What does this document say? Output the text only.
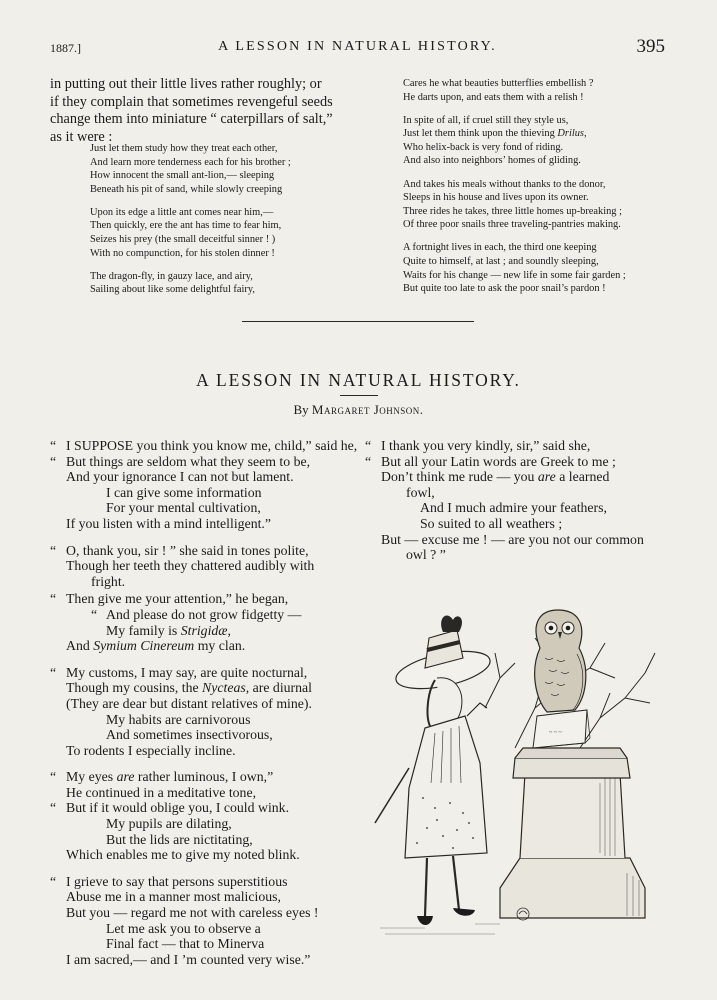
1887.]	A LESSON IN NATURAL HISTORY.	395
in putting out their little lives rather roughly; or
if they complain that sometimes revengeful seeds
change them into miniature “ caterpillars of salt,”
as it were :
Just let them study how they treat each other,
And learn more tenderness each for his brother ;
How innocent the small ant-lion,— sleeping
Beneath his pit of sand, while slowly creeping
Upon its edge a little ant comes near him,—
Then quickly, ere the ant has time to fear him,
Seizes his prey (the small deceitful sinner ! )
With no compunction, for his stolen dinner !
The dragon-fly, in gauzy lace, and airy,
Sailing about like some delightful fairy,
Cares he what beauties butterflies embellish ?
He darts upon, and eats them with a relish !
In spite of all, if cruel still they style us,
Just let them think upon the thieving Drilus,
Who helix-back is very fond of riding.
And also into neighbors’ homes of gliding.
And takes his meals without thanks to the donor,
Sleeps in his house and lives upon its owner.
Three rides he takes, three little homes up-breaking ;
Of three poor snails three traveling-pantries making.
A fortnight lives in each, the third one keeping
Quite to himself, at last ; and soundly sleeping,
Waits for his change — new life in some fair garden ;
But quite too late to ask the poor snail’s pardon !
A LESSON IN NATURAL HISTORY.
By Margaret Johnson.
“ I SUPPOSE you think you know me, child,” said he,
“ But things are seldom what they seem to be,
And your ignorance I can not but lament.
I can give some information
For your mental cultivation,
If you listen with a mind intelligent.”
“ O, thank you, sir ! ” she said in tones polite,
Though her teeth they chattered audibly with
fright.
“ Then give me your attention,” he began,
“ And please do not grow fidgetty —
My family is Strigidæ,
And Symium Cinereum my clan.
“ My customs, I may say, are quite nocturnal,
Though my cousins, the Nycteas, are diurnal
(They are dear but distant relatives of mine).
My habits are carnivorous
And sometimes insectivorous,
To rodents I especially incline.
“ My eyes are rather luminous, I own,”
He continued in a meditative tone,
“ But if it would oblige you, I could wink.
My pupils are dilating,
But the lids are nictitating,
Which enables me to give my noted blink.
“ I grieve to say that persons superstitious
Abuse me in a manner most malicious,
But you — regard me not with careless eyes !
Let me ask you to observe a
Final fact — that to Minerva
I am sacred,— and I ’m counted very wise.”
“ I thank you very kindly, sir,” said she,
“ But all your Latin words are Greek to me ;
Don’t think me rude — you are a learned
fowl,
And I much admire your feathers,
So suited to all weathers ;
But — excuse me ! — are you not our common
owl ? ”
~ ~ ~
